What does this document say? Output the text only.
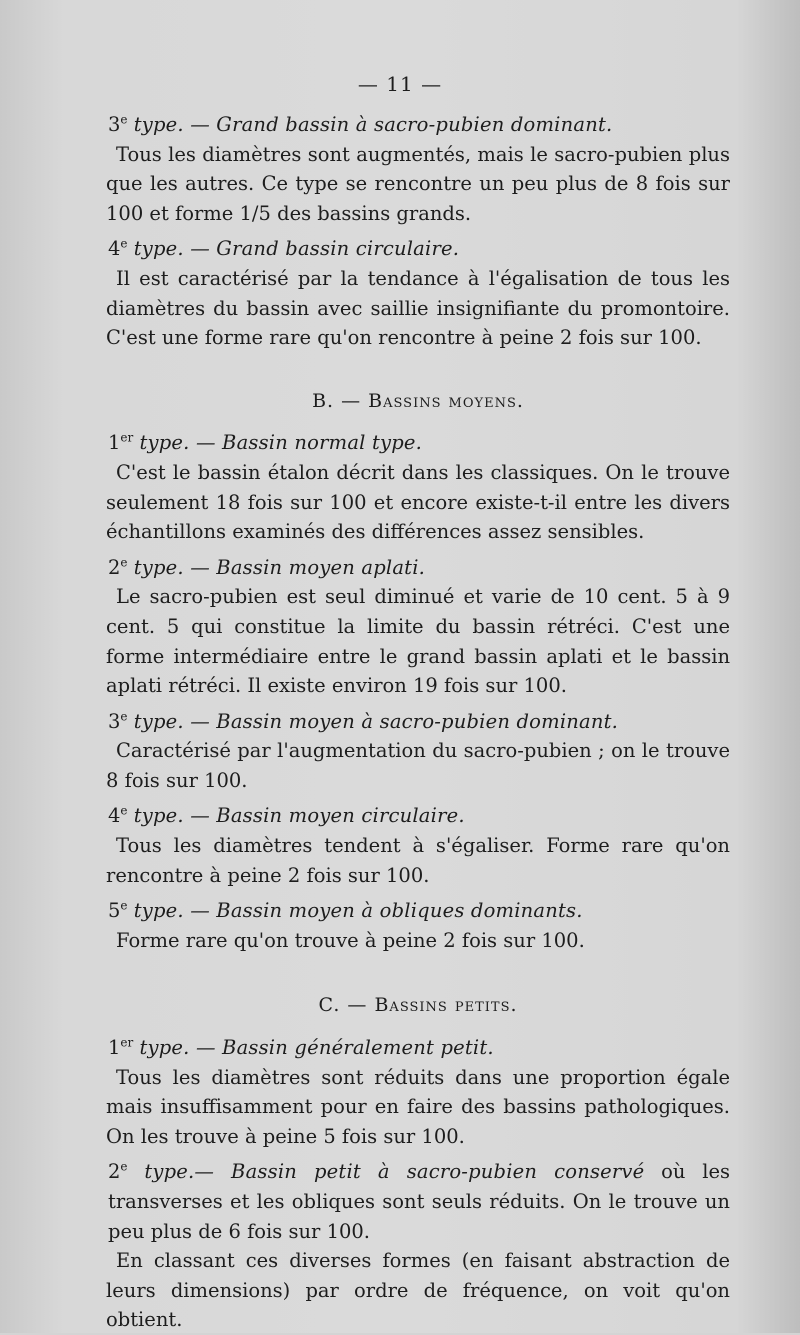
— 11 —

3e type. — Grand bassin à sacro-pubien dominant.

Tous les diamètres sont augmentés, mais le sacro-pubien plus que les autres. Ce type se rencontre un peu plus de 8 fois sur 100 et forme 1/5 des bassins grands.

4e type. — Grand bassin circulaire.

Il est caractérisé par la tendance à l'égalisation de tous les diamètres du bassin avec saillie insignifiante du promontoire. C'est une forme rare qu'on rencontre à peine 2 fois sur 100.

B. — Bassins moyens.

1er type. — Bassin normal type.

C'est le bassin étalon décrit dans les classiques. On le trouve seulement 18 fois sur 100 et encore existe-t-il entre les divers échantillons examinés des différences assez sensibles.

2e type. — Bassin moyen aplati.

Le sacro-pubien est seul diminué et varie de 10 cent. 5 à 9 cent. 5 qui constitue la limite du bassin rétréci. C'est une forme intermédiaire entre le grand bassin aplati et le bassin aplati rétréci. Il existe environ 19 fois sur 100.

3e type. — Bassin moyen à sacro-pubien dominant.

Caractérisé par l'augmentation du sacro-pubien ; on le trouve 8 fois sur 100.

4e type. — Bassin moyen circulaire.

Tous les diamètres tendent à s'égaliser. Forme rare qu'on rencontre à peine 2 fois sur 100.

5e type. — Bassin moyen à obliques dominants.

Forme rare qu'on trouve à peine 2 fois sur 100.

C. — Bassins petits.

1er type. — Bassin généralement petit.

Tous les diamètres sont réduits dans une proportion égale mais insuffisamment pour en faire des bassins pathologiques. On les trouve à peine 5 fois sur 100.

2e type.— Bassin petit à sacro-pubien conservé où les transverses et les obliques sont seuls réduits. On le trouve un peu plus de 6 fois sur 100.

En classant ces diverses formes (en faisant abstraction de leurs dimensions) par ordre de fréquence, on voit qu'on obtient.
